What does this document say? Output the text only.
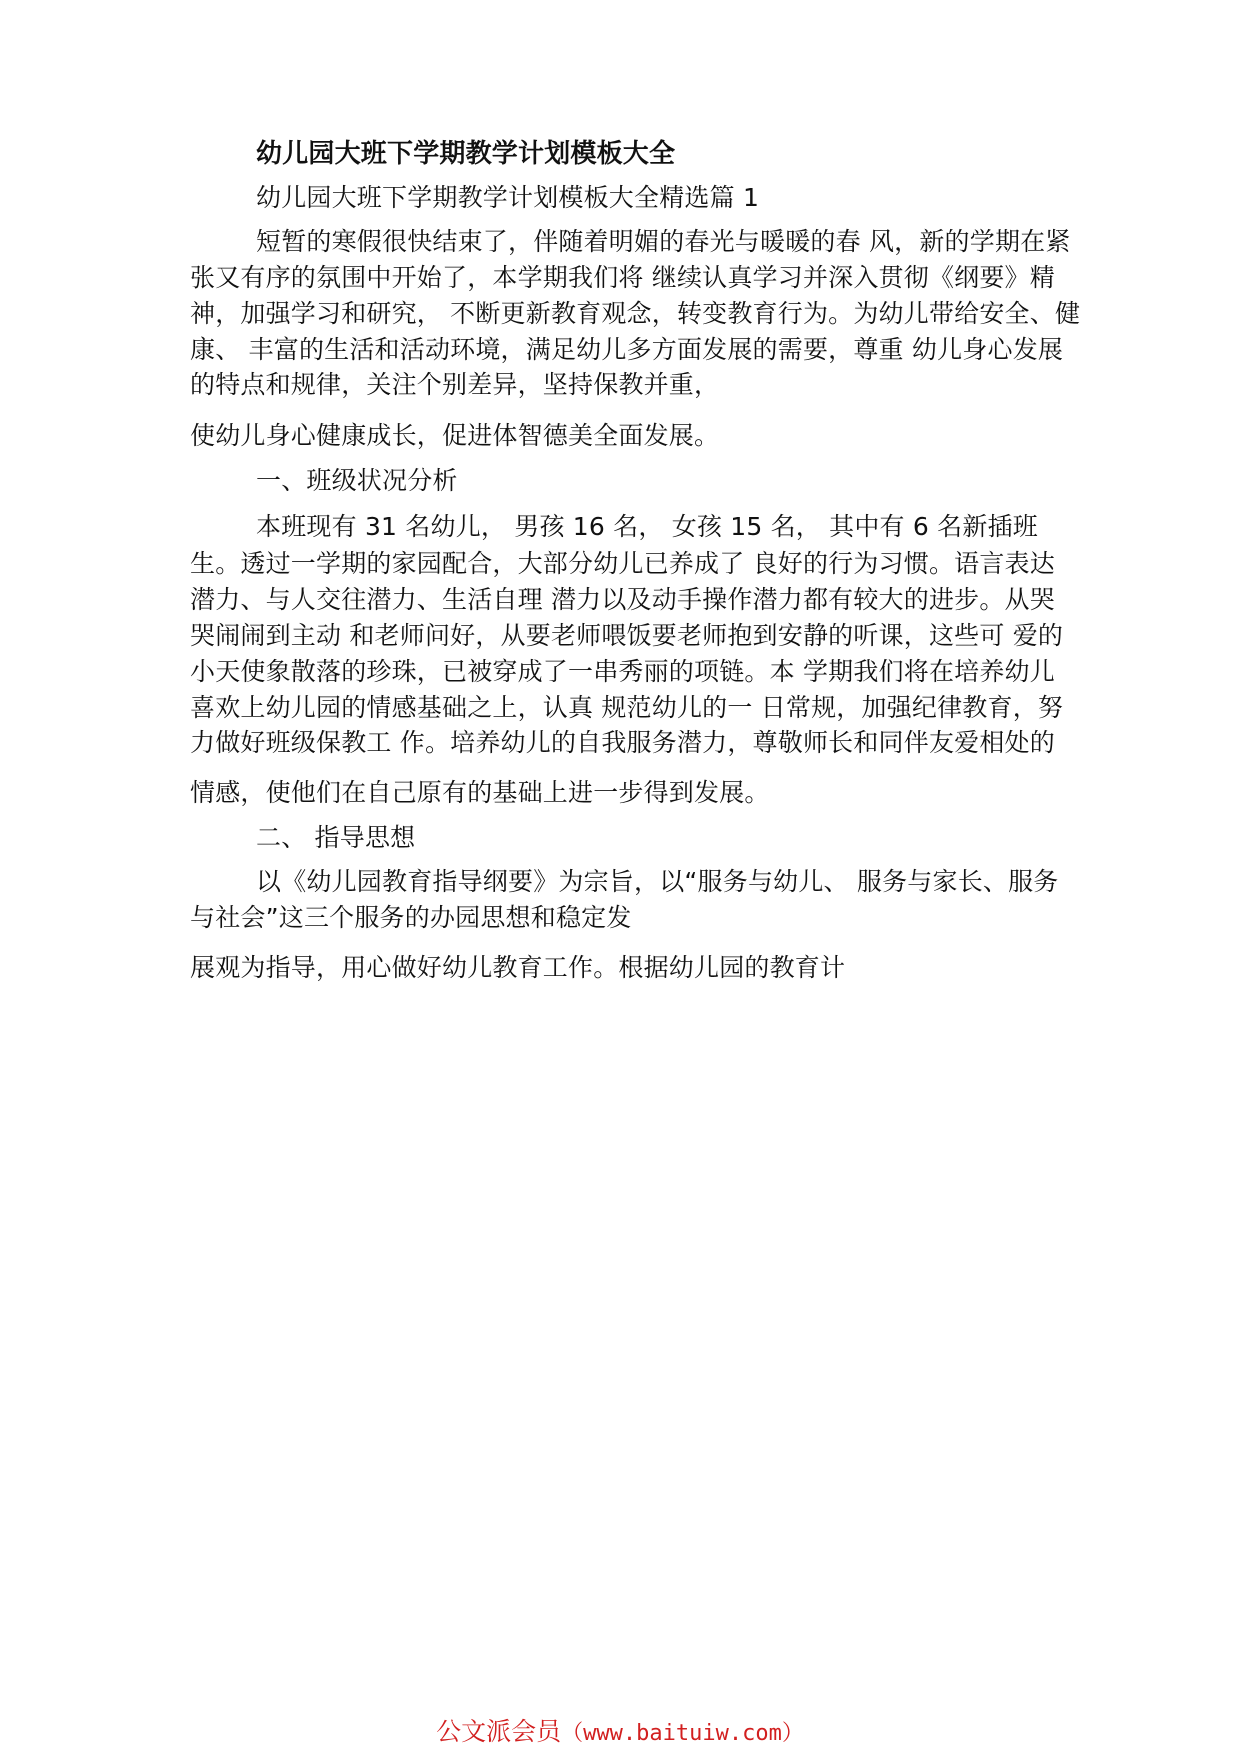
幼儿园大班下学期教学计划模板大全
幼儿园大班下学期教学计划模板大全精选篇 1
短暂的寒假很快结束了，伴随着明媚的春光与暖暖的春 风，新的学期在紧
张又有序的氛围中开始了，本学期我们将 继续认真学习并深入贯彻《纲要》精
神，加强学习和研究， 不断更新教育观念，转变教育行为。为幼儿带给安全、健
康、 丰富的生活和活动环境，满足幼儿多方面发展的需要，尊重 幼儿身心发展
的特点和规律，关注个别差异，坚持保教并重，
使幼儿身心健康成长，促进体智德美全面发展。
一、班级状况分析
本班现有 31 名幼儿， 男孩 16 名， 女孩 15 名， 其中有 6 名新插班
生。透过一学期的家园配合，大部分幼儿已养成了 良好的行为习惯。语言表达
潜力、与人交往潜力、生活自理 潜力以及动手操作潜力都有较大的进步。从哭
哭闹闹到主动 和老师问好，从要老师喂饭要老师抱到安静的听课，这些可 爱的
小天使象散落的珍珠，已被穿成了一串秀丽的项链。本 学期我们将在培养幼儿
喜欢上幼儿园的情感基础之上，认真 规范幼儿的一 日常规，加强纪律教育，努
力做好班级保教工 作。培养幼儿的自我服务潜力，尊敬师长和同伴友爱相处的
情感，使他们在自己原有的基础上进一步得到发展。
二、 指导思想
以《幼儿园教育指导纲要》为宗旨，以“服务与幼儿、 服务与家长、服务
与社会”这三个服务的办园思想和稳定发
展观为指导，用心做好幼儿教育工作。根据幼儿园的教育计
公文派会员（www.baituiw.com）
